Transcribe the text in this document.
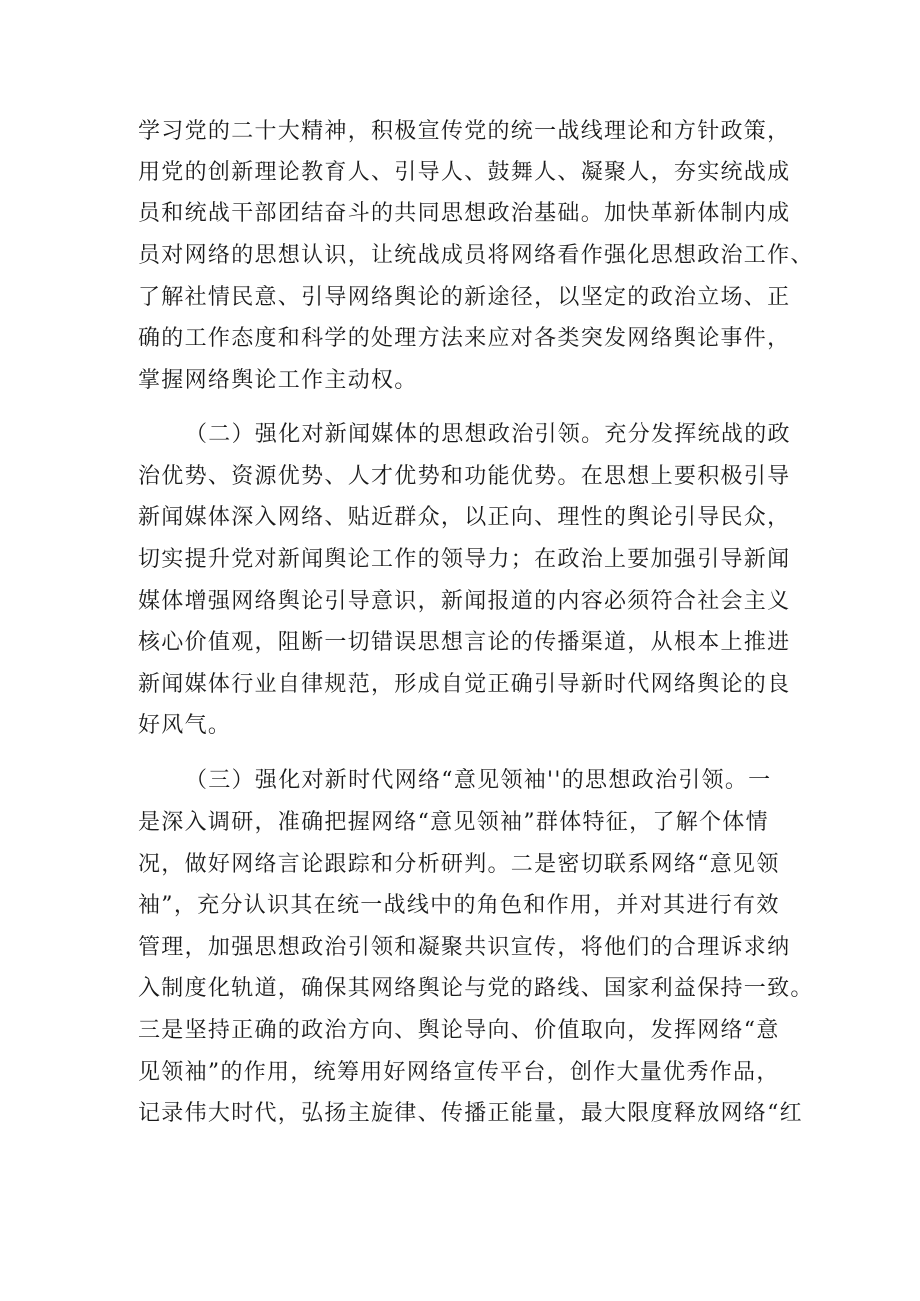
学习党的二十大精神，积极宣传党的统一战线理论和方针政策，
用党的创新理论教育人、引导人、鼓舞人、凝聚人，夯实统战成
员和统战干部团结奋斗的共同思想政治基础。加快革新体制内成
员对网络的思想认识，让统战成员将网络看作强化思想政治工作、
了解社情民意、引导网络舆论的新途径，以坚定的政治立场、正
确的工作态度和科学的处理方法来应对各类突发网络舆论事件，
掌握网络舆论工作主动权。
（二）强化对新闻媒体的思想政治引领。充分发挥统战的政
治优势、资源优势、人才优势和功能优势。在思想上要积极引导
新闻媒体深入网络、贴近群众，以正向、理性的舆论引导民众，
切实提升党对新闻舆论工作的领导力；在政治上要加强引导新闻
媒体增强网络舆论引导意识，新闻报道的内容必须符合社会主义
核心价值观，阻断一切错误思想言论的传播渠道，从根本上推进
新闻媒体行业自律规范，形成自觉正确引导新时代网络舆论的良
好风气。
（三）强化对新时代网络“意见领袖''的思想政治引领。一
是深入调研，准确把握网络“意见领袖”群体特征，了解个体情
况，做好网络言论跟踪和分析研判。二是密切联系网络“意见领
袖”，充分认识其在统一战线中的角色和作用，并对其进行有效
管理，加强思想政治引领和凝聚共识宣传，将他们的合理诉求纳
入制度化轨道，确保其网络舆论与党的路线、国家利益保持一致。
三是坚持正确的政治方向、舆论导向、价值取向，发挥网络“意
见领袖”的作用，统筹用好网络宣传平台，创作大量优秀作品，
记录伟大时代，弘扬主旋律、传播正能量，最大限度释放网络“红
